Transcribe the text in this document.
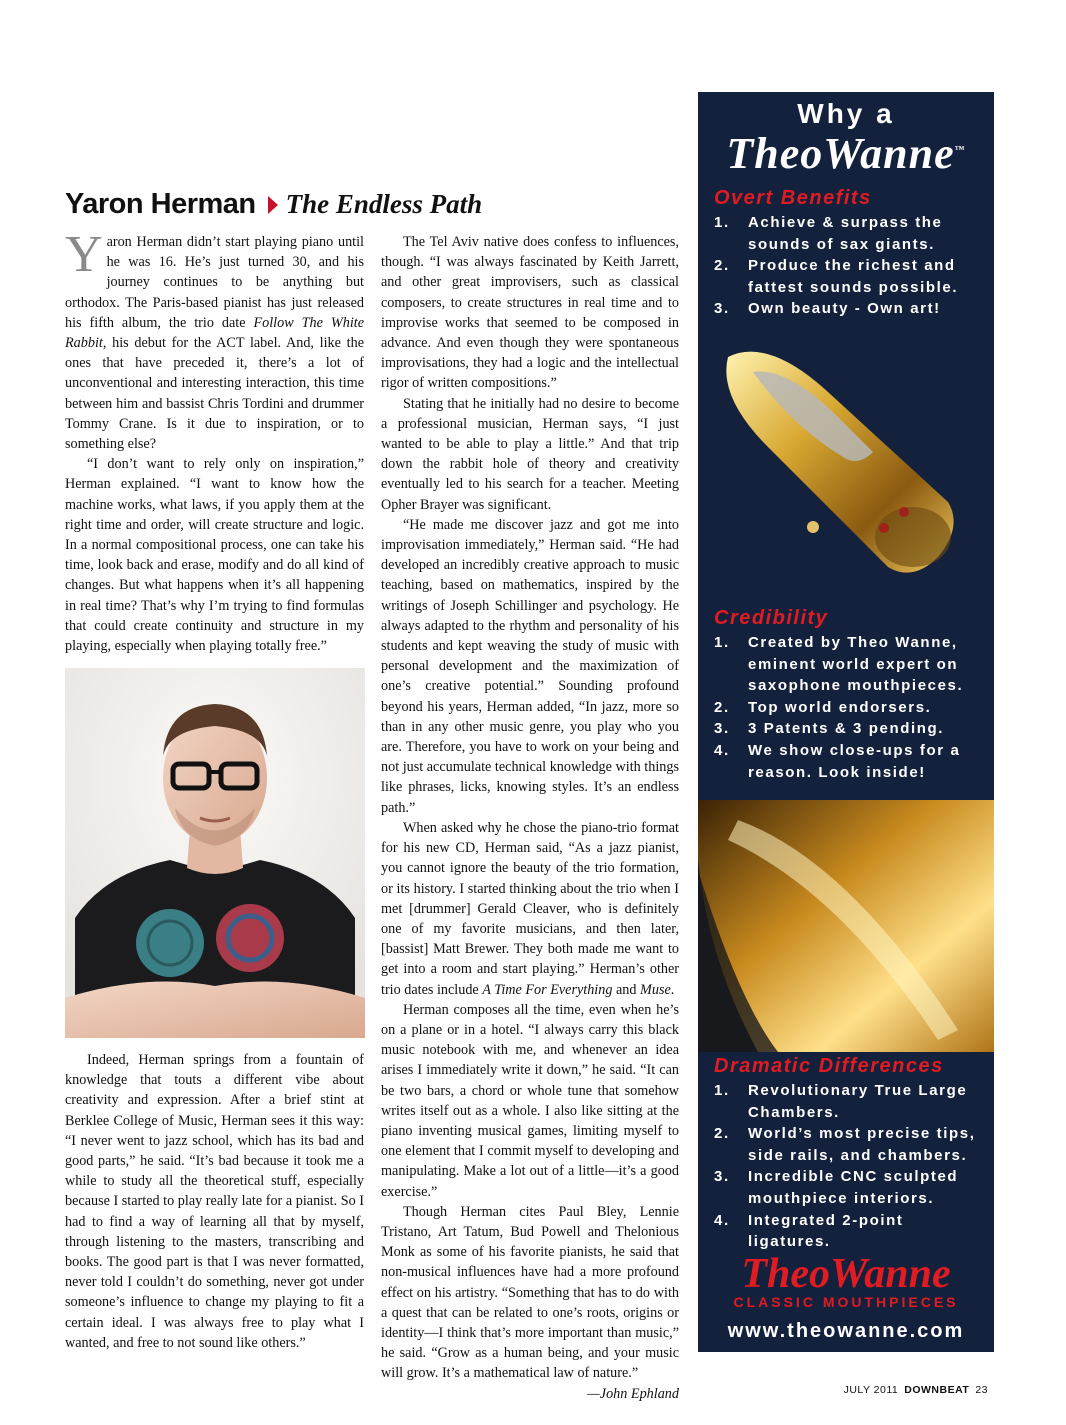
Yaron Herman The Endless Path

Yaron Herman didn’t start playing piano until he was 16. He’s just turned 30, and his journey continues to be anything but orthodox. The Paris-based pianist has just released his fifth album, the trio date Follow The White Rabbit, his debut for the ACT label. And, like the ones that have preceded it, there’s a lot of unconventional and interesting interaction, this time between him and bassist Chris Tordini and drummer Tommy Crane. Is it due to inspiration, or to something else?

“I don’t want to rely only on inspiration,” Herman explained. “I want to know how the machine works, what laws, if you apply them at the right time and order, will create structure and logic. In a normal compositional process, one can take his time, look back and erase, modify and do all kind of changes. But what happens when it’s all happening in real time? That’s why I’m trying to find formulas that could create continuity and structure in my playing, especially when playing totally free.”

Indeed, Herman springs from a fountain of knowledge that touts a different vibe about creativity and expression. After a brief stint at Berklee College of Music, Herman sees it this way: “I never went to jazz school, which has its bad and good parts,” he said. “It’s bad because it took me a while to study all the theoretical stuff, especially because I started to play really late for a pianist. So I had to find a way of learning all that by myself, through listening to the masters, transcribing and books. The good part is that I was never formatted, never told I couldn’t do something, never got under someone’s influence to change my playing to fit a certain ideal. I was always free to play what I wanted, and free to not sound like others.”

The Tel Aviv native does confess to influences, though. “I was always fascinated by Keith Jarrett, and other great improvisers, such as classical composers, to create structures in real time and to improvise works that seemed to be composed in advance. And even though they were spontaneous improvisations, they had a logic and the intellectual rigor of written compositions.”

Stating that he initially had no desire to become a professional musician, Herman says, “I just wanted to be able to play a little.” And that trip down the rabbit hole of theory and creativity eventually led to his search for a teacher. Meeting Opher Brayer was significant.

“He made me discover jazz and got me into improvisation immediately,” Herman said. “He had developed an incredibly creative approach to music teaching, based on mathematics, inspired by the writings of Joseph Schillinger and psychology. He always adapted to the rhythm and personality of his students and kept weaving the study of music with personal development and the maximization of one’s creative potential.” Sounding profound beyond his years, Herman added, “In jazz, more so than in any other music genre, you play who you are. Therefore, you have to work on your being and not just accumulate technical knowledge with things like phrases, licks, knowing styles. It’s an endless path.”

When asked why he chose the piano-trio format for his new CD, Herman said, “As a jazz pianist, you cannot ignore the beauty of the trio formation, or its history. I started thinking about the trio when I met [drummer] Gerald Cleaver, who is definitely one of my favorite musicians, and then later, [bassist] Matt Brewer. They both made me want to get into a room and start playing.” Herman’s other trio dates include A Time For Everything and Muse.

Herman composes all the time, even when he’s on a plane or in a hotel. “I always carry this black music notebook with me, and whenever an idea arises I immediately write it down,” he said. “It can be two bars, a chord or whole tune that somehow writes itself out as a whole. I also like sitting at the piano inventing musical games, limiting myself to one element that I commit myself to developing and manipulating. Make a lot out of a little—it’s a good exercise.”

Though Herman cites Paul Bley, Lennie Tristano, Art Tatum, Bud Powell and Thelonious Monk as some of his favorite pianists, he said that non-musical influences have had a more profound effect on his artistry. “Something that has to do with a quest that can be related to one’s roots, origins or identity—I think that’s more important than music,” he said. “Grow as a human being, and your music will grow. It’s a mathematical law of nature.”

—John Ephland
Why a
TheoWanne™
Overt Benefits
1. Achieve & surpass the sounds of sax giants.
2. Produce the richest and fattest sounds possible.
3. Own beauty - Own art!
Credibility
1. Created by Theo Wanne, eminent world expert on saxophone mouthpieces.
2. Top world endorsers.
3. 3 Patents & 3 pending.
4. We show close-ups for a reason. Look inside!
Dramatic Differences
1. Revolutionary True Large Chambers.
2. World’s most precise tips, side rails, and chambers.
3. Incredible CNC sculpted mouthpiece interiors.
4. Integrated 2-point ligatures.
TheoWanne
CLASSIC MOUTHPIECES
www.theowanne.com
JULY 2011 DOWNBEAT 23
